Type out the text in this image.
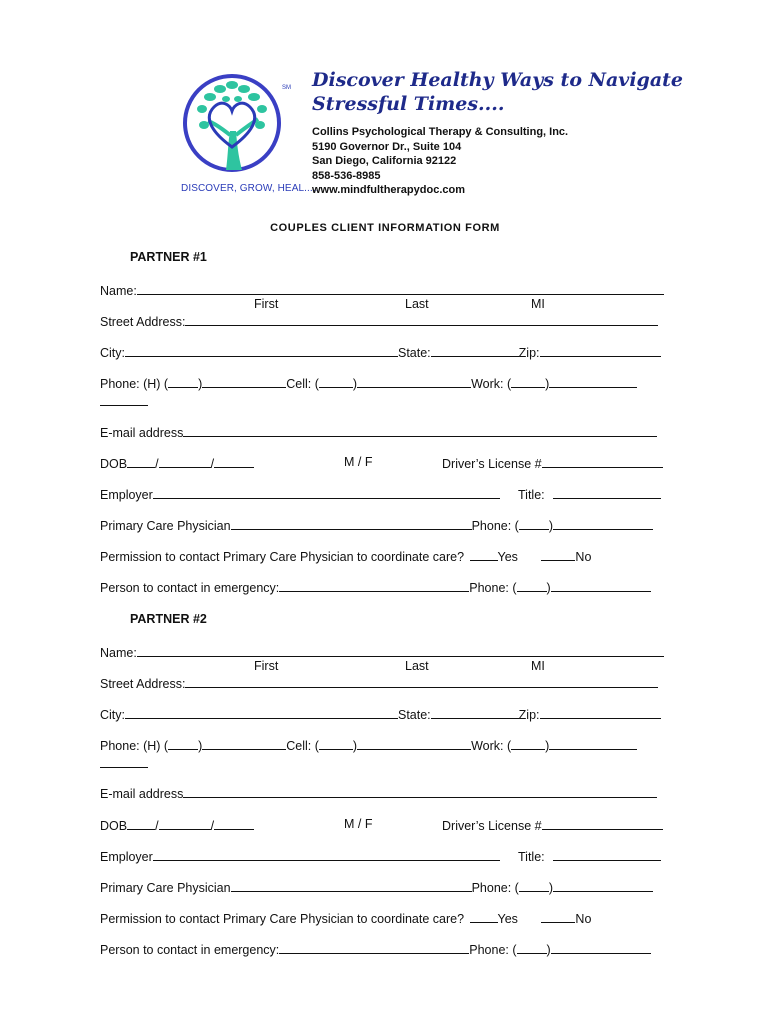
SM
DISCOVER, GROW, HEAL.....
Discover Healthy Ways to Navigate
Stressful Times....
Collins Psychological Therapy & Consulting, Inc.
5190 Governor Dr., Suite 104
San Diego, California 92122
858-536-8985
www.mindfultherapydoc.com
COUPLES CLIENT INFORMATION FORM
PARTNER #1
Name:
First	Last	MI
Street Address:
City:	State:	Zip:
Phone: (H) ( )	Cell: (	)	Work: (	)
E-mail address
DOB /	/	M / F	Driver’s License #
Employer	Title:
Primary Care Physician	Phone: ( )
Permission to contact Primary Care Physician to coordinate care?	Yes	No
Person to contact in emergency:	Phone: ( )
PARTNER #2
Name:
First	Last	MI
Street Address:
City:	State:	Zip:
Phone: (H) ( )	Cell: (	)	Work: (	)
E-mail address
DOB /	/	M / F	Driver’s License #
Employer	Title:
Primary Care Physician	Phone: ( )
Permission to contact Primary Care Physician to coordinate care?	Yes	No
Person to contact in emergency:	Phone: ( )
